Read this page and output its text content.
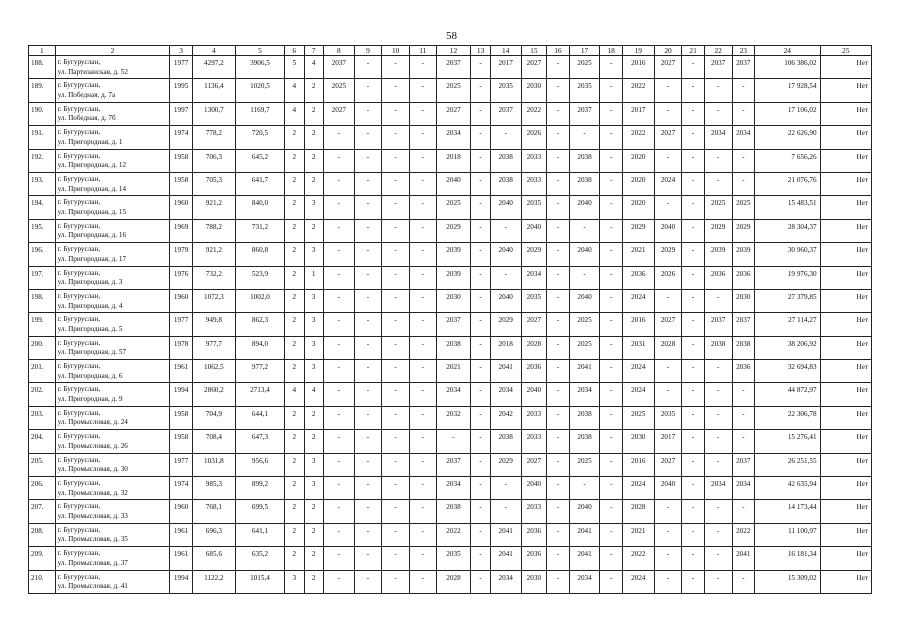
58
1	2	3	4	5	6	7	8	9	10	11	12	13	14	15	16	17	18	19	20	21	22	23	24	25
188.	г. Бугуруслан,
ул. Партизанская, д. 52	1977	4297,2	3906,5	5	4	2037	-	-	-	2037	-	2017	2027	-	2025	-	2016	2027	-	2037	2037	106 386,02	Нет
189.	г. Бугуруслан,
ул. Победная, д. 7а	1995	1136,4	1020,5	4	2	2025	-	-	-	2025	-	2035	2030	-	2035	-	2022	-	-	-	-	17 928,54	Нет
190.	г. Бугуруслан,
ул. Победная, д. 7б	1997	1300,7	1169,7	4	2	2027	-	-	-	2027	-	2037	2022	-	2037	-	2017	-	-	-	-	17 106,02	Нет
191.	г. Бугуруслан,
ул. Пригородная, д. 1	1974	778,2	720,5	2	2	-	-	-	-	2034	-	-	2026	-	-	-	2022	2027	-	2034	2034	22 626,90	Нет
192.	г. Бугуруслан,
ул. Пригородная, д. 12	1958	706,3	645,2	2	2	-	-	-	-	2018	-	2038	2033	-	2038	-	2020	-	-	-	-	7 656,26	Нет
193.	г. Бугуруслан,
ул. Пригородная, д. 14	1958	705,3	641,7	2	2	-	-	-	-	2040	-	2038	2033	-	2038	-	2020	2024	-	-	-	21 076,76	Нет
194.	г. Бугуруслан,
ул. Пригородная, д. 15	1960	921,2	840,0	2	3	-	-	-	-	2025	-	2040	2035	-	2040	-	2020	-	-	2025	2025	15 483,51	Нет
195.	г. Бугуруслан,
ул. Пригородная, д. 16	1969	788,2	731,2	2	2	-	-	-	-	2029	-	-	2040	-	-	-	2029	2040	-	2029	2029	28 304,37	Нет
196.	г. Бугуруслан,
ул. Пригородная, д. 17	1979	921,2	860,8	2	3	-	-	-	-	2039	-	2040	2029	-	2040	-	2021	2029	-	2039	2039	30 960,37	Нет
197.	г. Бугуруслан,
ул. Пригородная, д. 3	1976	732,2	523,9	2	1	-	-	-	-	2039	-	-	2034	-	-	-	2036	2026	-	2036	2036	19 976,30	Нет
198.	г. Бугуруслан,
ул. Пригородная, д. 4	1960	1072,3	1002,0	2	3	-	-	-	-	2030	-	2040	2035	-	2040	-	2024	-	-	-	2030	27 379,85	Нет
199.	г. Бугуруслан,
ул. Пригородная, д. 5	1977	949,8	862,3	2	3	-	-	-	-	2037	-	2029	2027	-	2025	-	2016	2027	-	2037	2037	27 114,27	Нет
200.	г. Бугуруслан,
ул. Пригородная, д. 57	1978	977,7	894,0	2	3	-	-	-	-	2038	-	2018	2028	-	2025	-	2031	2028	-	2038	2038	38 206,92	Нет
201.	г. Бугуруслан,
ул. Пригородная, д. 6	1961	1062,5	977,2	2	3	-	-	-	-	2021	-	2041	2036	-	2041	-	2024	-	-	-	2036	32 694,83	Нет
202.	г. Бугуруслан,
ул. Пригородная, д. 9	1994	2860,2	2713,4	4	4	-	-	-	-	2034	-	2034	2040	-	2034	-	2024	-	-	-	-	44 872,97	Нет
203.	г. Бугуруслан,
ул. Промысловая, д. 24	1958	704,9	644,1	2	2	-	-	-	-	2032	-	2042	2033	-	2038	-	2025	2035	-	-	-	22 306,78	Нет
204.	г. Бугуруслан,
ул. Промысловая, д. 26	1958	708,4	647,3	2	2	-	-	-	-	-	-	2038	2033	-	2038	-	2030	2017	-	-	-	15 276,41	Нет
205.	г. Бугуруслан,
ул. Промысловая, д. 30	1977	1031,8	956,6	2	3	-	-	-	-	2037	-	2029	2027	-	2025	-	2016	2027	-	-	2037	26 251,55	Нет
206.	г. Бугуруслан,
ул. Промысловая, д. 32	1974	985,3	899,2	2	3	-	-	-	-	2034	-	-	2040	-	-	-	2024	2040	-	2034	2034	42 635,94	Нет
207.	г. Бугуруслан,
ул. Промысловая, д. 33	1960	768,1	699,5	2	2	-	-	-	-	2038	-	-	2033	-	2040	-	2028	-	-	-	-	14 173,44	Нет
208.	г. Бугуруслан,
ул. Промысловая, д. 35	1961	696,3	641,1	2	2	-	-	-	-	2022	-	2041	2036	-	2041	-	2021	-	-	-	2022	11 100,97	Нет
209.	г. Бугуруслан,
ул. Промысловая, д. 37	1961	685,6	635,2	2	2	-	-	-	-	2035	-	2041	2036	-	2041	-	2022	-	-	-	2041	16 181,34	Нет
210.	г. Бугуруслан,
ул. Промысловая, д. 41	1994	1122,2	1015,4	3	2	-	-	-	-	2028	-	2034	2030	-	2034	-	2024	-	-	-	-	15 309,02	Нет
